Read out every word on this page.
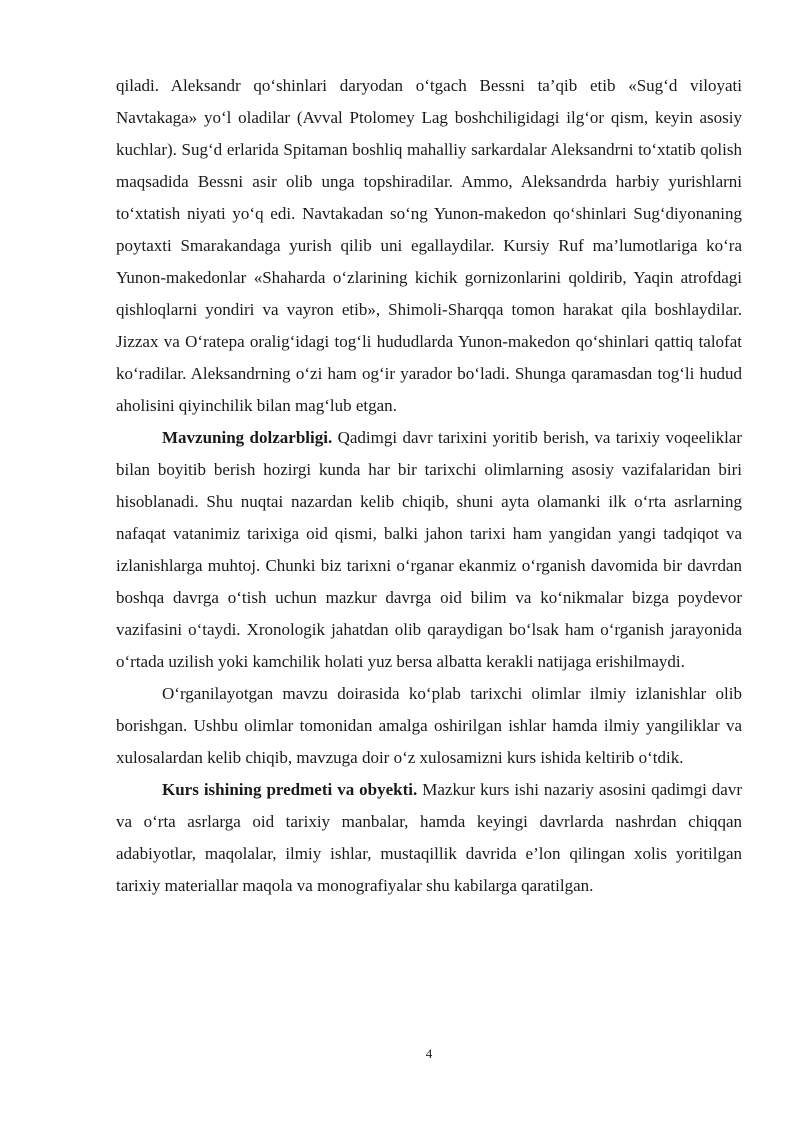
qiladi. Aleksandr qo‘shinlari daryodan o‘tgach Bessni ta’qib etib «Sug‘d viloyati Navtakaga» yo‘l oladilar (Avval Ptolomey Lag boshchiligidagi ilg‘or qism, keyin asosiy kuchlar). Sug‘d erlarida Spitaman boshliq mahalliy sarkardalar Aleksandrni to‘xtatib qolish maqsadida Bessni asir olib unga topshiradilar. Ammo, Aleksandrda harbiy yurishlarni to‘xtatish niyati yo‘q edi. Navtakadan so‘ng Yunon-makedon qo‘shinlari Sug‘diyonaning poytaxti Smarakandaga yurish qilib uni egallaydilar. Kursiy Ruf ma’lumotlariga ko‘ra Yunon-makedonlar «Shaharda o‘zlarining kichik gornizonlarini qoldirib, Yaqin atrofdagi qishloqlarni yondiri va vayron etib», Shimoli-Sharqqa tomon harakat qila boshlaydilar. Jizzax va O‘ratepa oralig‘idagi tog‘li hududlarda Yunon-makedon qo‘shinlari qattiq talofat ko‘radilar. Aleksandrning o‘zi ham og‘ir yarador bo‘ladi. Shunga qaramasdan tog‘li hudud aholisini qiyinchilik bilan mag‘lub etgan.

Mavzuning dolzarbligi. Qadimgi davr tarixini yoritib berish, va tarixiy voqeeliklar bilan boyitib berish hozirgi kunda har bir tarixchi olimlarning asosiy vazifalaridan biri hisoblanadi. Shu nuqtai nazardan kelib chiqib, shuni ayta olamanki ilk o‘rta asrlarning nafaqat vatanimiz tarixiga oid qismi, balki jahon tarixi ham yangidan yangi tadqiqot va izlanishlarga muhtoj. Chunki biz tarixni o‘rganar ekanmiz o‘rganish davomida bir davrdan boshqa davrga o‘tish uchun mazkur davrga oid bilim va ko‘nikmalar bizga poydevor vazifasini o‘taydi. Xronologik jahatdan olib qaraydigan bo‘lsak ham o‘rganish jarayonida o‘rtada uzilish yoki kamchilik holati yuz bersa albatta kerakli natijaga erishilmaydi.

O‘rganilayotgan mavzu doirasida ko‘plab tarixchi olimlar ilmiy izlanishlar olib borishgan. Ushbu olimlar tomonidan amalga oshirilgan ishlar hamda ilmiy yangiliklar va xulosalardan kelib chiqib, mavzuga doir o‘z xulosamizni kurs ishida keltirib o‘tdik.

Kurs ishining predmeti va obyekti. Mazkur kurs ishi nazariy asosini qadimgi davr va o‘rta asrlarga oid tarixiy manbalar, hamda keyingi davrlarda nashrdan chiqqan adabiyotlar, maqolalar, ilmiy ishlar, mustaqillik davrida e’lon qilingan xolis yoritilgan tarixiy materiallar maqola va monografiyalar shu kabilarga qaratilgan.

4
